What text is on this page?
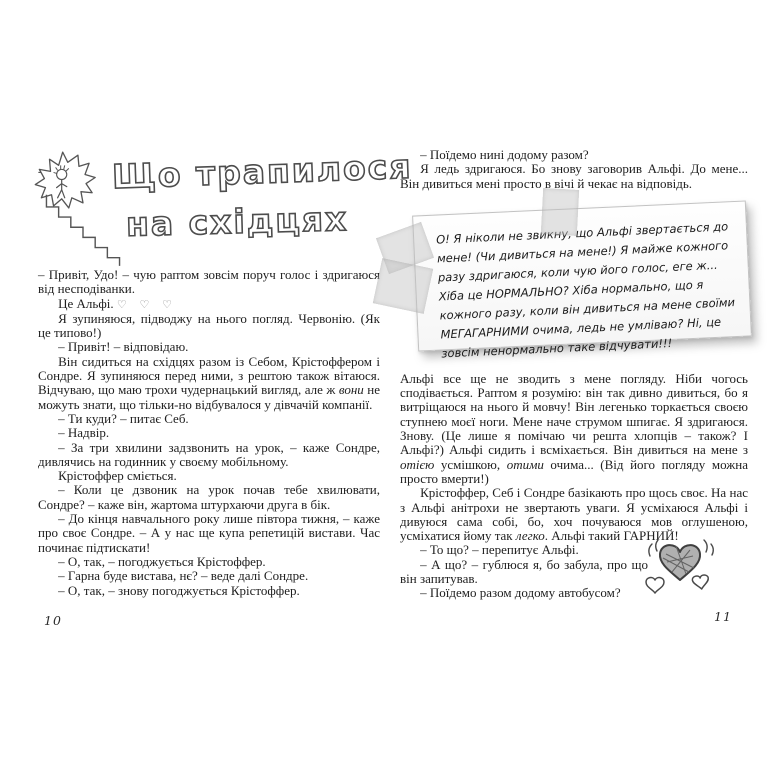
Що трапилося
на східцях

– Привіт, Удо! – чую раптом зовсім поруч голос і здригаюся від несподіванки.

Це Альфі. ♡ ♡ ♡

Я зупиняюся, підводжу на нього погляд. Червонію. (Як це типово!)

– Привіт! – відповідаю.

Він сидиться на східцях разом із Себом, Крістоффером і Сондре. Я зупиняюся перед ними, з рештою також вітаюся. Відчуваю, що маю трохи чудернацький вигляд, але ж вони не можуть знати, що тільки-но відбувалося у дівчачій компанії.

– Ти куди? – питає Себ.

– Надвір.

– За три хвилини задзвонить на урок, – каже Сондре, дивлячись на годинник у своєму мобільному.

Крістоффер сміється.

– Коли це дзвоник на урок почав тебе хвилювати, Сондре? – каже він, жартома штурхаючи друга в бік.

– До кінця навчального року лише півтора тижня, – каже про своє Сондре. – А у нас ще купа репетицій вистави. Час починає підтискати!

– О, так, – погоджується Крістоффер.

– Гарна буде вистава, нє? – веде далі Сондре.

– О, так, – знову погоджується Крістоффер.

– Поїдемо нині додому разом?

Я ледь здригаюся. Бо знову заговорив Альфі. До мене... Він дивиться мені просто в вічі й чекає на відповідь.

Альфі все ще не зводить з мене погляду. Ніби чогось сподівається. Раптом я розумію: він так дивно дивиться, бо я витріщаюся на нього й мовчу! Він легенько торкається своєю ступнею моєї ноги. Мене наче струмом шпигає. Я здригаюся. Знову. (Це лише я помічаю чи решта хлопців – також? І Альфі?) Альфі сидить і всміхається. Він дивиться на мене з отією усмішкою, отими очима... (Від його погляду можна просто вмерти!)

Крістоффер, Себ і Сондре базікають про щось своє. На нас з Альфі анітрохи не звертають уваги. Я усміхаюся Альфі і дивуюся сама собі, бо, хоч почуваюся мов оглушеною, усміхатися йому так легко. Альфі такий ГАРНИЙ!

– То що? – перепитує Альфі.

– А що? – гублюся я, бо забула, про що він запитував.

– Поїдемо разом додому автобусом?

О! Я ніколи не звикну, що Альфі звертається до мене! (Чи дивиться на мене!) Я майже кожного разу здригаюся, коли чую його голос, еге ж... Хіба це НОРМАЛЬНО? Хіба нормально, що я кожного разу, коли він дивиться на мене своїми МЕГАГАРНИМИ очима, ледь не умліваю? Ні, це зовсім ненормально таке відчувати!!!
10	11
